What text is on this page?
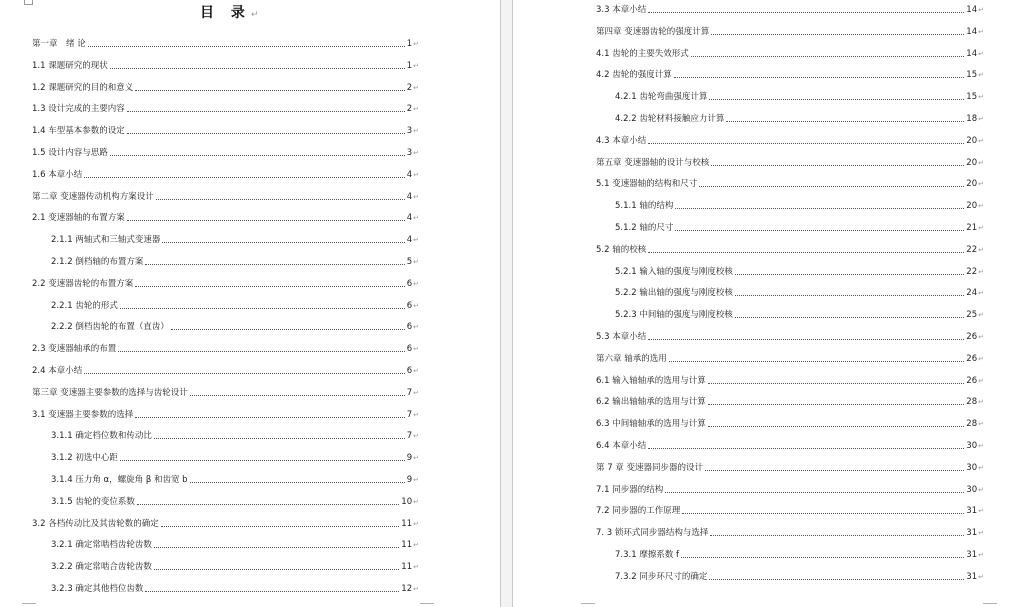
目 录↵
第一章　绪 论	1 ↵
1.1 课题研究的现状	1 ↵
1.2 课题研究的目的和意义	2 ↵
1.3 设计完成的主要内容	2 ↵
1.4 车型基本参数的设定	3 ↵
1.5 设计内容与思路	3 ↵
1.6 本章小结	4 ↵
第二章 变速器传动机构方案设计	4 ↵
2.1 变速器轴的布置方案	4 ↵
2.1.1 两轴式和三轴式变速器	4 ↵
2.1.2 倒档轴的布置方案	5 ↵
2.2 变速器齿轮的布置方案	6 ↵
2.2.1 齿轮的形式	6 ↵
2.2.2 倒档齿轮的布置（直齿）	6 ↵
2.3 变速器轴承的布置	6 ↵
2.4 本章小结	6 ↵
第三章 变速器主要参数的选择与齿轮设计	7 ↵
3.1 变速器主要参数的选择	7 ↵
3.1.1 确定档位数和传动比	7 ↵
3.1.2 初选中心距	9 ↵
3.1.4 压力角 α，螺旋角 β 和齿宽 b	9 ↵
3.1.5 齿轮的变位系数	10 ↵
3.2 各档传动比及其齿轮数的确定	11 ↵
3.2.1 确定常啮档齿轮齿数	11 ↵
3.2.2 确定常啮合齿轮齿数	11 ↵
3.2.3 确定其他档位齿数	12 ↵
3.3 本章小结	14 ↵
第四章 变速器齿轮的强度计算	14 ↵
4.1 齿轮的主要失效形式	14 ↵
4.2 齿轮的强度计算	15 ↵
4.2.1 齿轮弯曲强度计算	15 ↵
4.2.2 齿轮材料接触应力计算	18 ↵
4.3 本章小结	20 ↵
第五章 变速器轴的设计与校核	20 ↵
5.1 变速器轴的结构和尺寸	20 ↵
5.1.1 轴的结构	20 ↵
5.1.2 轴的尺寸	21 ↵
5.2 轴的校核	22 ↵
5.2.1 输入轴的强度与刚度校核	22 ↵
5.2.2 输出轴的强度与刚度校核	24 ↵
5.2.3 中间轴的强度与刚度校核	25 ↵
5.3 本章小结	26 ↵
第六章 轴承的选用	26 ↵
6.1 输入轴轴承的选用与计算	26 ↵
6.2 输出轴轴承的选用与计算	28 ↵
6.3 中间轴轴承的选用与计算	28 ↵
6.4 本章小结	30 ↵
第 7 章 变速器同步器的设计	30 ↵
7.1 同步器的结构	30 ↵
7.2 同步器的工作原理	31 ↵
7. 3 锁环式同步器结构与选择	31 ↵
7.3.1 摩擦系数 f	31 ↵
7.3.2 同步环尺寸的确定	31 ↵
